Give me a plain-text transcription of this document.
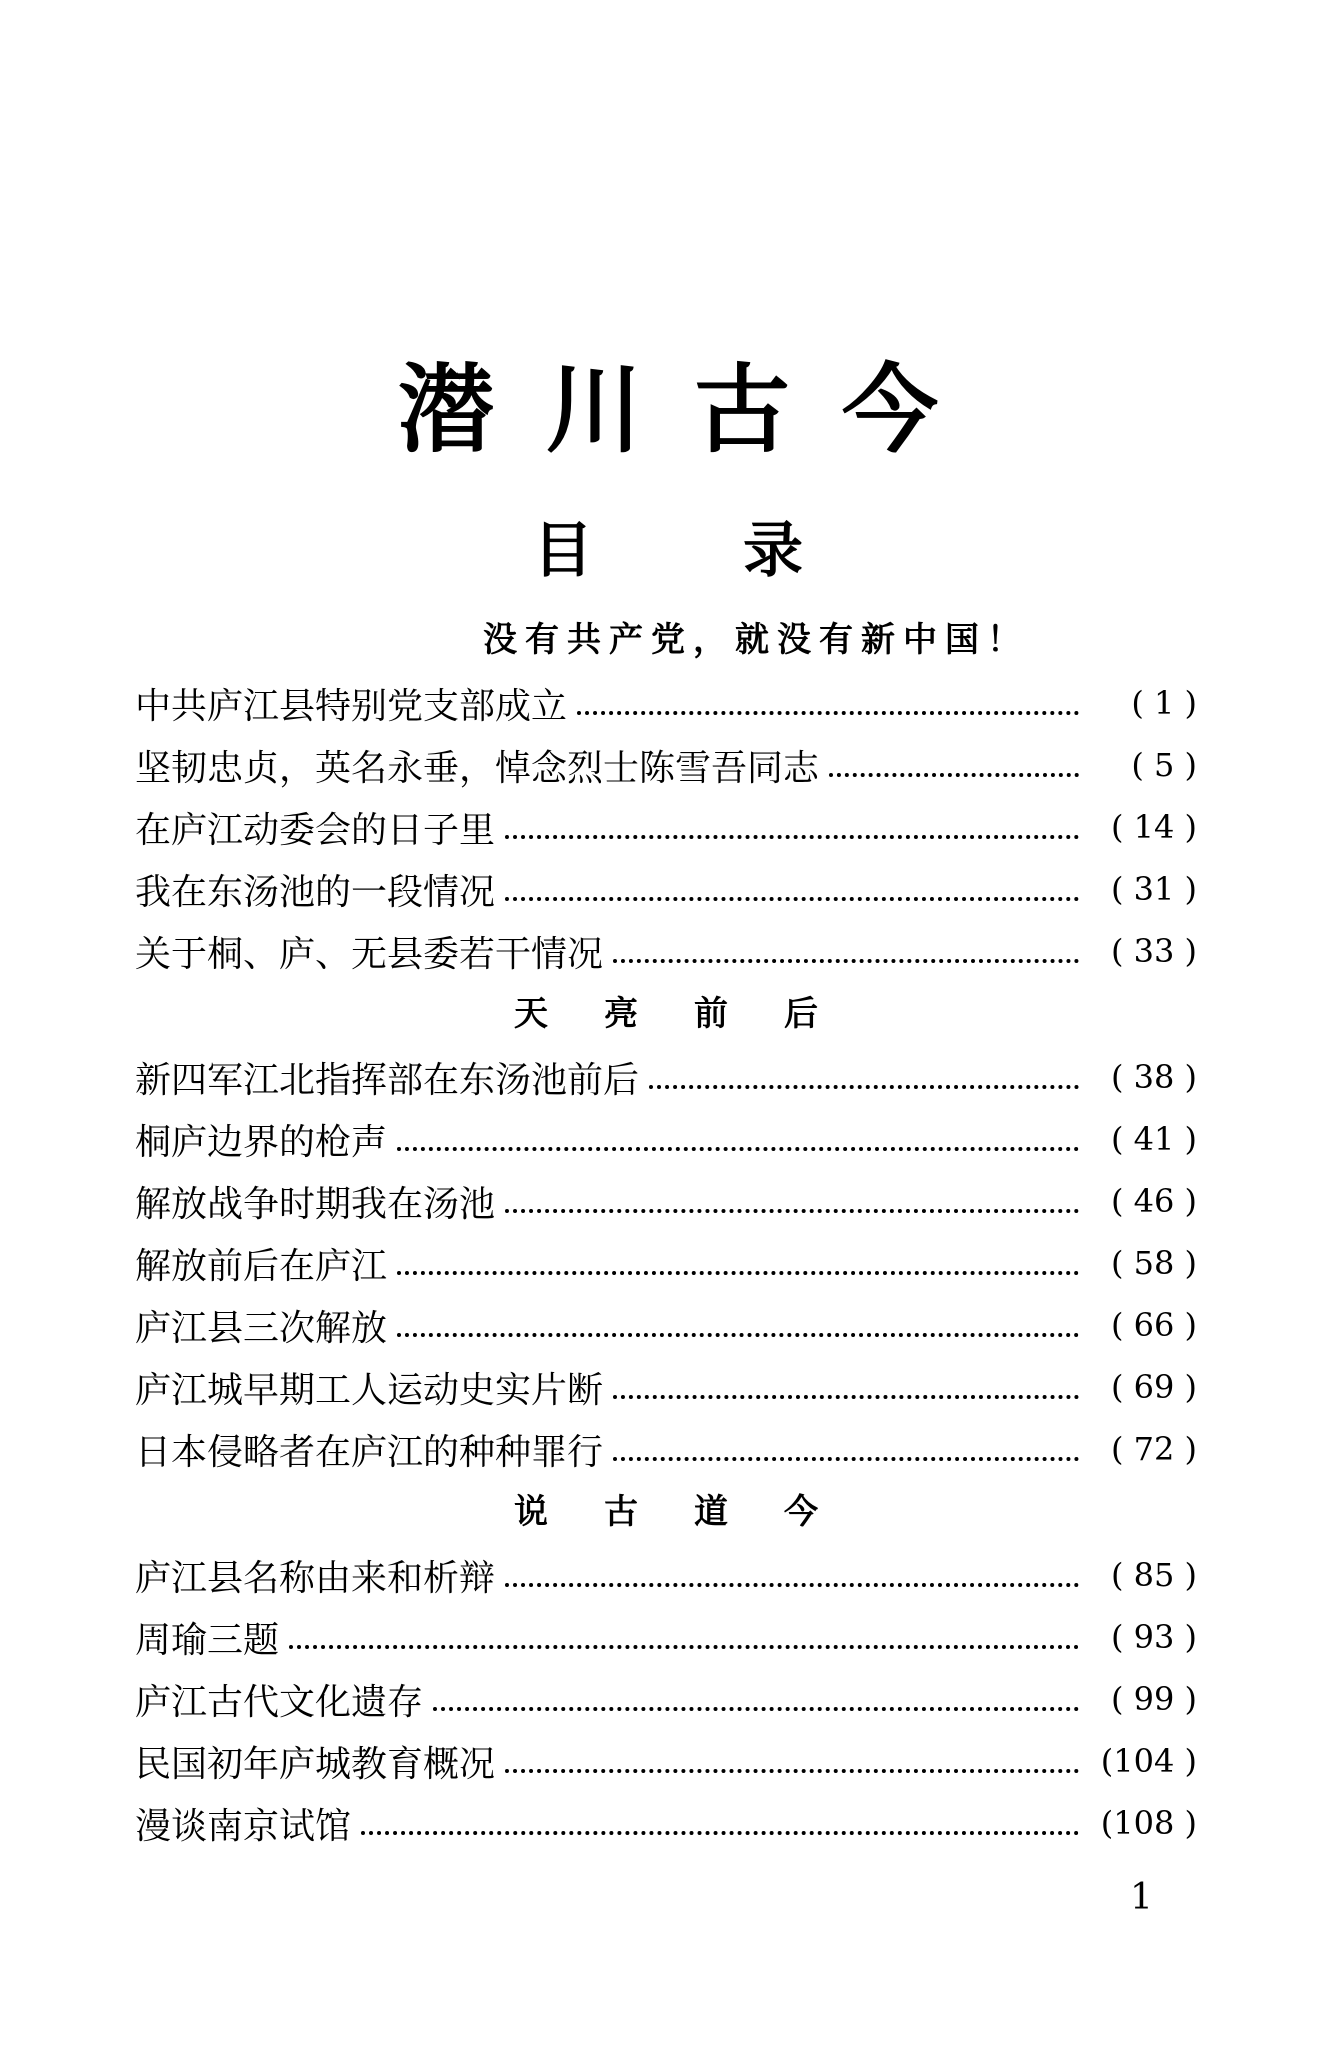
潜川古今
目录
没有共产党，就没有新中国！
中共庐江县特别党支部成立	( 1 )
坚韧忠贞，英名永垂，悼念烈士陈雪吾同志	( 5 )
在庐江动委会的日子里	( 14 )
我在东汤池的一段情况	( 31 )
关于桐、庐、无县委若干情况	( 33 )
天亮前后
新四军江北指挥部在东汤池前后	( 38 )
桐庐边界的枪声	( 41 )
解放战争时期我在汤池	( 46 )
解放前后在庐江	( 58 )
庐江县三次解放	( 66 )
庐江城早期工人运动史实片断	( 69 )
日本侵略者在庐江的种种罪行	( 72 )
说古道今
庐江县名称由来和析辩	( 85 )
周瑜三题	( 93 )
庐江古代文化遗存	( 99 )
民国初年庐城教育概况	(104 )
漫谈南京试馆	(108 )
1
